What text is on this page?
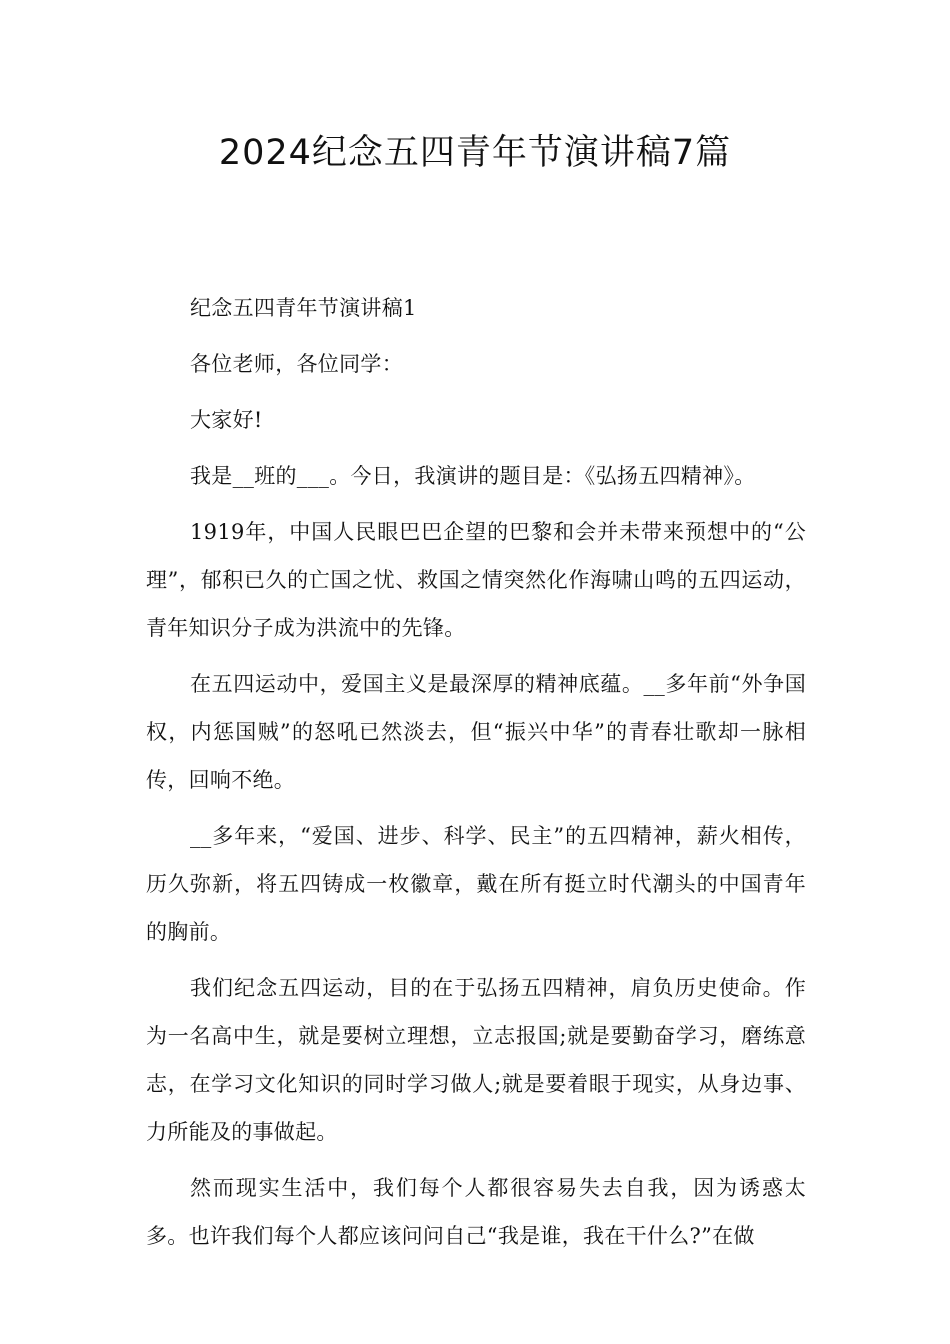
2024纪念五四青年节演讲稿7篇

纪念五四青年节演讲稿1

各位老师，各位同学：

大家好!

我是__班的___。今日，我演讲的题目是：《弘扬五四精神》。

1919年，中国人民眼巴巴企望的巴黎和会并未带来预想中的“公理”，郁积已久的亡国之忧、救国之情突然化作海啸山鸣的五四运动，青年知识分子成为洪流中的先锋。

在五四运动中，爱国主义是最深厚的精神底蕴。__多年前“外争国权，内惩国贼”的怒吼已然淡去，但“振兴中华”的青春壮歌却一脉相传，回响不绝。

__多年来，“爱国、进步、科学、民主”的五四精神，薪火相传，历久弥新，将五四铸成一枚徽章，戴在所有挺立时代潮头的中国青年的胸前。

我们纪念五四运动，目的在于弘扬五四精神，肩负历史使命。作为一名高中生，就是要树立理想，立志报国;就是要勤奋学习，磨练意志，在学习文化知识的同时学习做人;就是要着眼于现实，从身边事、力所能及的事做起。

然而现实生活中，我们每个人都很容易失去自我，因为诱惑太多。也许我们每个人都应该问问自己“我是谁，我在干什么?”在做
